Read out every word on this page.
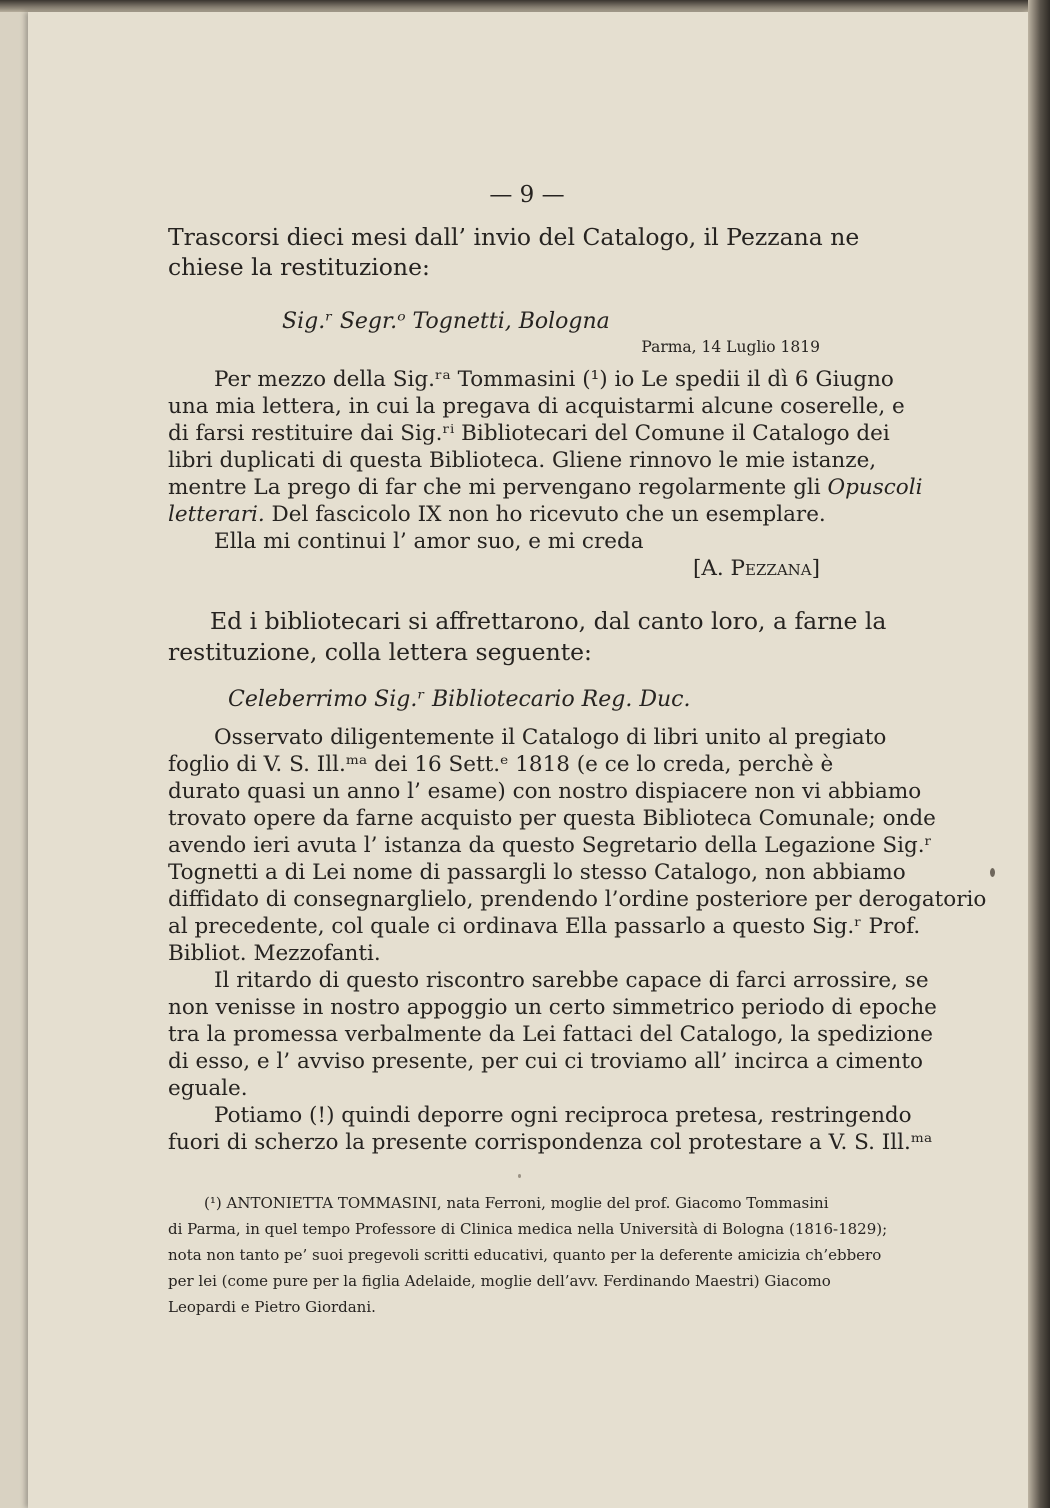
— 9 —
Trascorsi dieci mesi dall’ invio del Catalogo, il Pezzana ne
chiese la restituzione:
Sig.ʳ Segr.ᵒ Tognetti, Bologna
Parma, 14 Luglio 1819
Per mezzo della Sig.ʳᵃ Tommasini (¹) io Le spedii il dì 6 Giugno
una mia lettera, in cui la pregava di acquistarmi alcune coserelle, e
di farsi restituire dai Sig.ʳⁱ Bibliotecari del Comune il Catalogo dei
libri duplicati di questa Biblioteca. Gliene rinnovo le mie istanze,
mentre La prego di far che mi pervengano regolarmente gli Opuscoli
letterari. Del fascicolo IX non ho ricevuto che un esemplare.
Ella mi continui l’ amor suo, e mi creda
[A. Pezzana]
Ed i bibliotecari si affrettarono, dal canto loro, a farne la
restituzione, colla lettera seguente:
Celeberrimo Sig.ʳ Bibliotecario Reg. Duc.
Osservato diligentemente il Catalogo di libri unito al pregiato
foglio di V. S. Ill.ᵐᵃ dei 16 Sett.ᵉ 1818 (e ce lo creda, perchè è
durato quasi un anno l’ esame) con nostro dispiacere non vi abbiamo
trovato opere da farne acquisto per questa Biblioteca Comunale; onde
avendo ieri avuta l’ istanza da questo Segretario della Legazione Sig.ʳ
Tognetti a di Lei nome di passargli lo stesso Catalogo, non abbiamo
diffidato di consegnarglielo, prendendo l’ordine posteriore per derogatorio
al precedente, col quale ci ordinava Ella passarlo a questo Sig.ʳ Prof.
Bibliot. Mezzofanti.
Il ritardo di questo riscontro sarebbe capace di farci arrossire, se
non venisse in nostro appoggio un certo simmetrico periodo di epoche
tra la promessa verbalmente da Lei fattaci del Catalogo, la spedizione
di esso, e l’ avviso presente, per cui ci troviamo all’ incirca a cimento
eguale.
Potiamo (!) quindi deporre ogni reciproca pretesa, restringendo
fuori di scherzo la presente corrispondenza col protestare a V. S. Ill.ᵐᵃ
(¹) ANTONIETTA TOMMASINI, nata Ferroni, moglie del prof. Giacomo Tommasini
di Parma, in quel tempo Professore di Clinica medica nella Università di Bologna (1816-1829);
nota non tanto pe’ suoi pregevoli scritti educativi, quanto per la deferente amicizia ch’ebbero
per lei (come pure per la figlia Adelaide, moglie dell’avv. Ferdinando Maestri) Giacomo
Leopardi e Pietro Giordani.
